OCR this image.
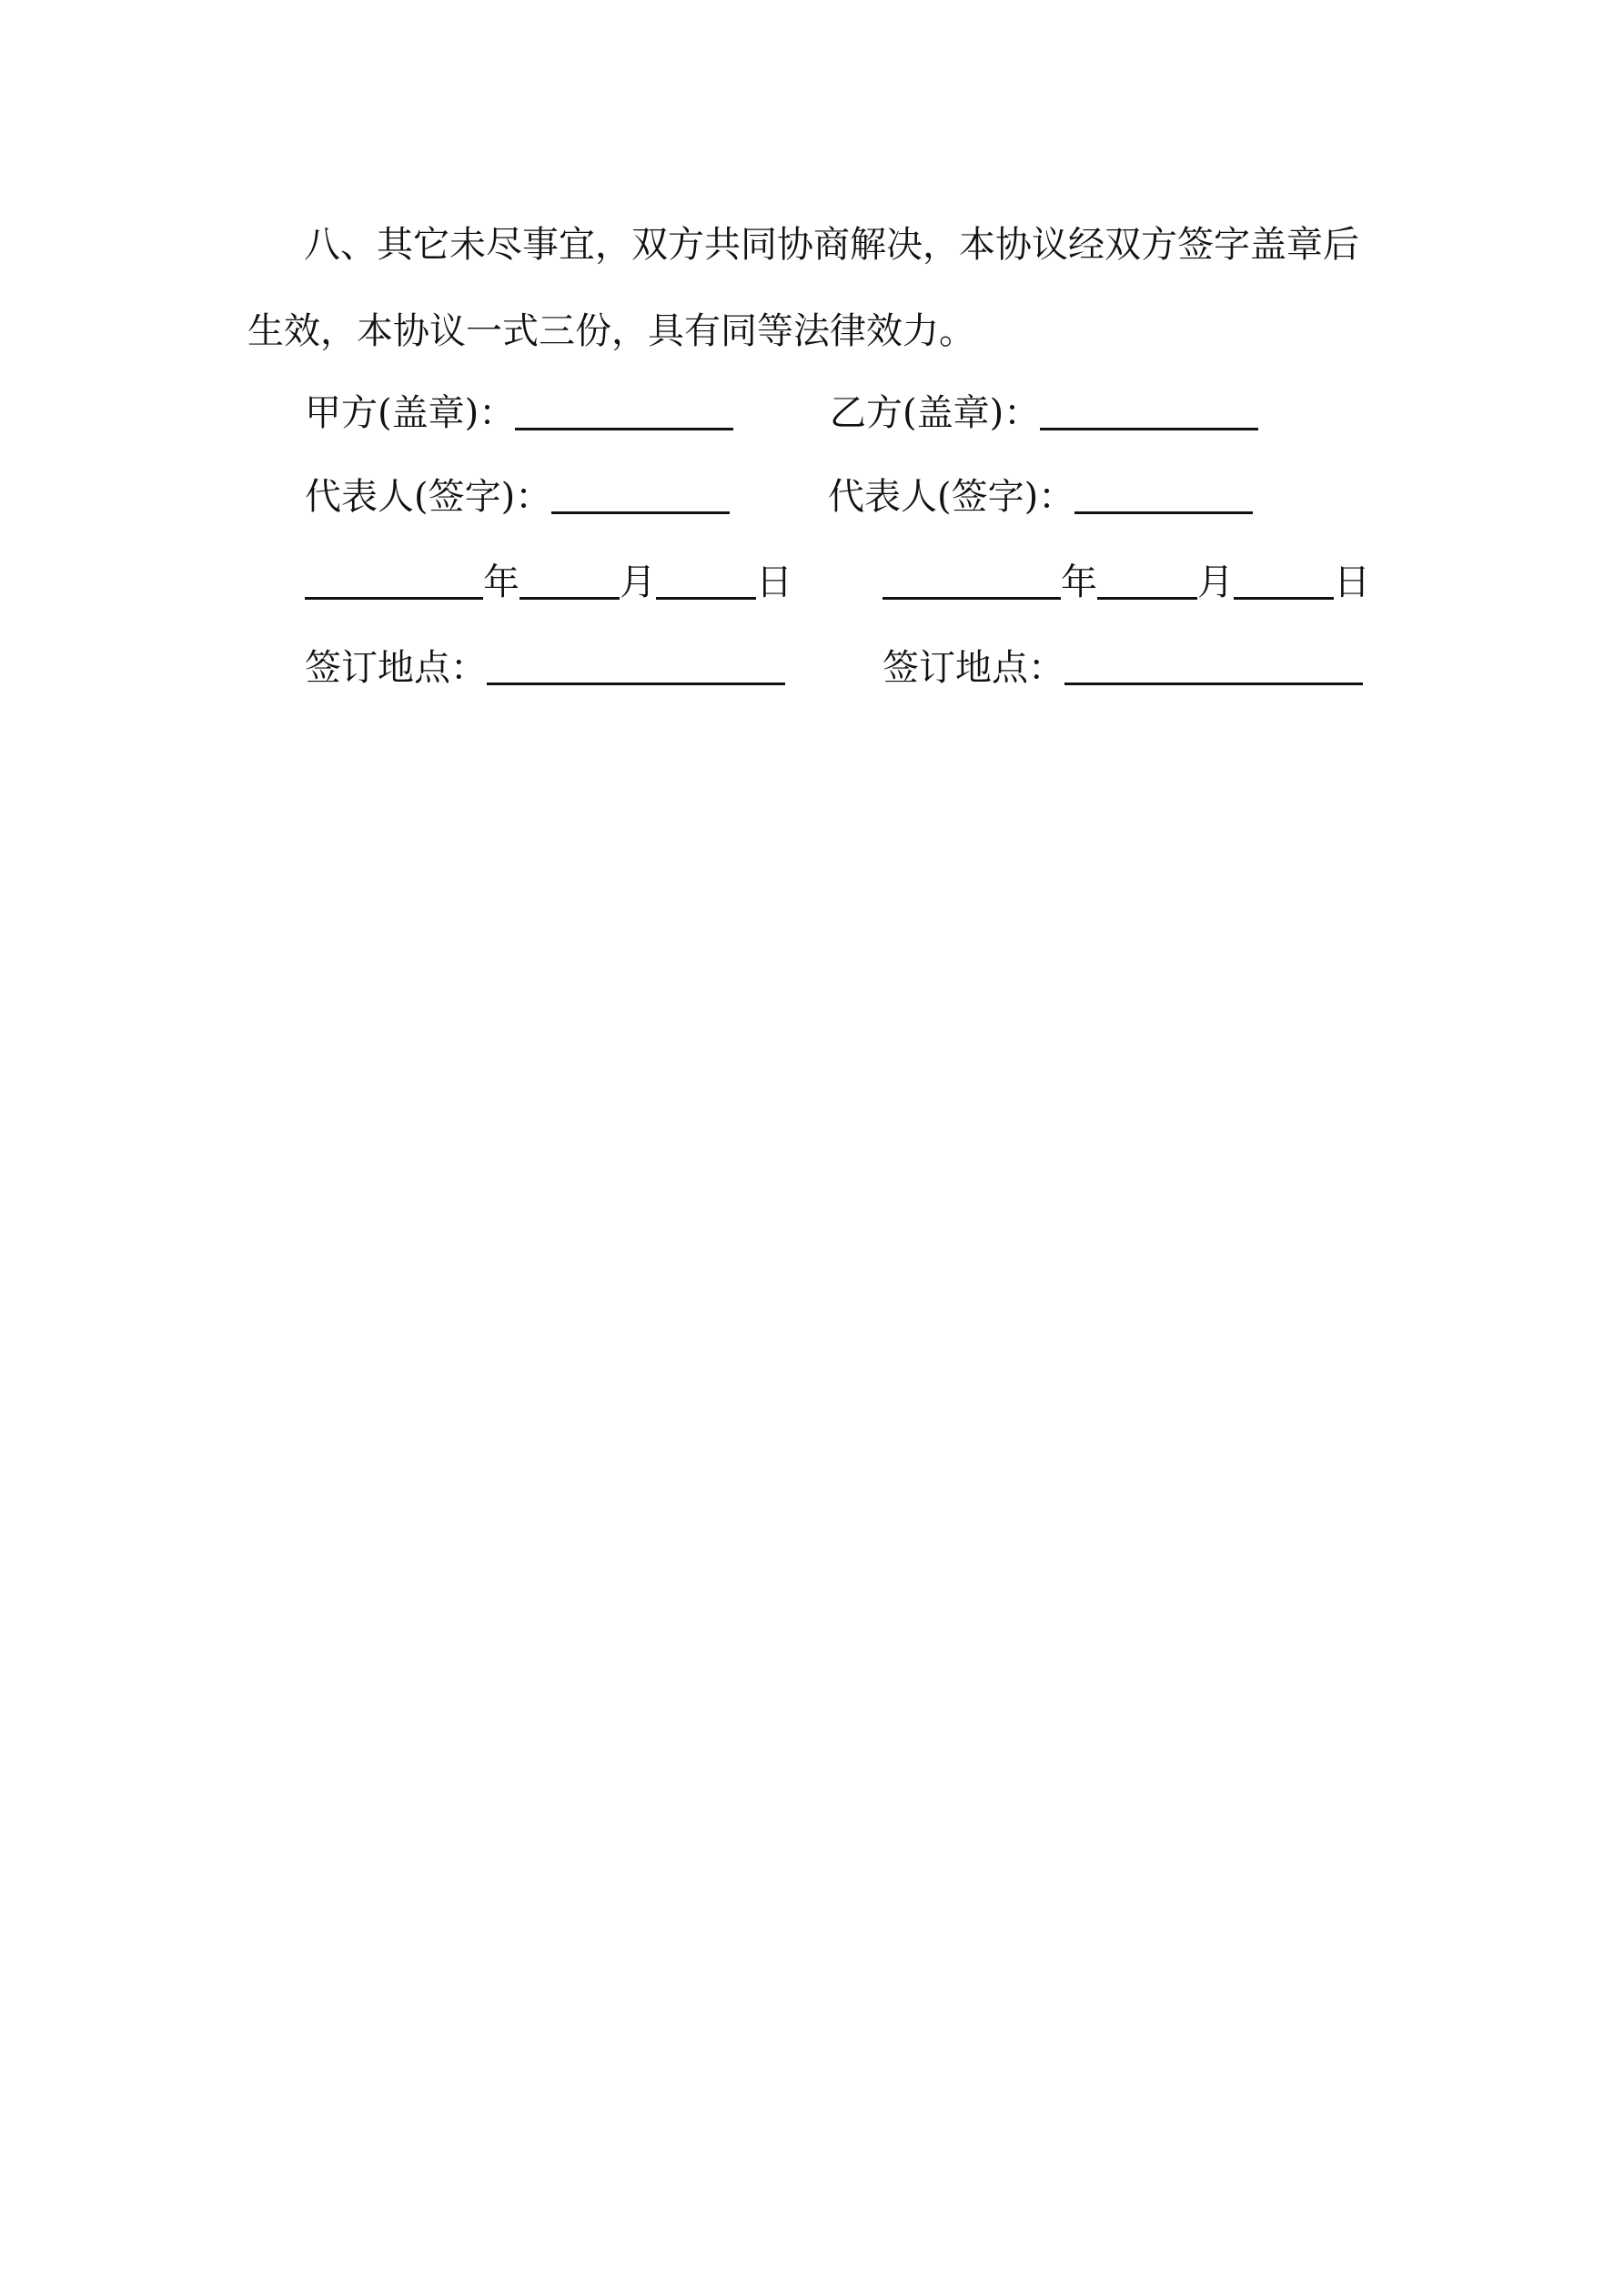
八、其它未尽事宜，双方共同协商解决，本协议经双方签字盖章后生效，本协议一式三份，具有同等法律效力。

甲方(盖章)：	乙方(盖章)：
代表人(签字)：	代表人(签字)：
年	月	日	年	月	日
签订地点：	签订地点：
